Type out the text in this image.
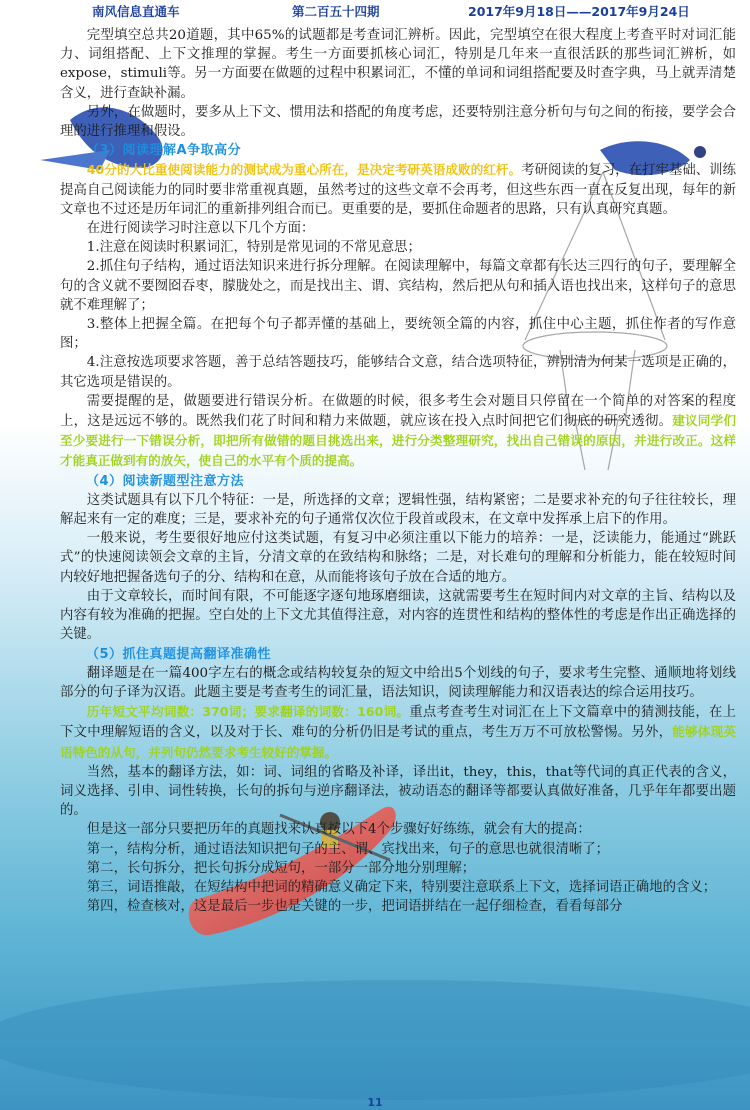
南风信息直通车	第二百五十四期	2017年9月18日——2017年9月24日

完型填空总共20道题，其中65%的试题都是考查词汇辨析。因此，完型填空在很大程度上考查平时对词汇能力、词组搭配、上下文推理的掌握。考生一方面要抓核心词汇，特别是几年来一直很活跃的那些词汇辨析，如expose，stimuli等。另一方面要在做题的过程中积累词汇，不懂的单词和词组搭配要及时查字典，马上就弄清楚含义，进行查缺补漏。

另外，在做题时，要多从上下文、惯用法和搭配的角度考虑，还要特别注意分析句与句之间的衔接，要学会合理的进行推理和假设。

（3）阅读理解A争取高分

40分的大比重使阅读能力的测试成为重心所在，是决定考研英语成败的红杆。考研阅读的复习，在打牢基础、训练提高自己阅读能力的同时要非常重视真题，虽然考过的这些文章不会再考，但这些东西一直在反复出现，每年的新文章也不过还是历年词汇的重新排列组合而已。更重要的是，要抓住命题者的思路，只有认真研究真题。

在进行阅读学习时注意以下几个方面：

1.注意在阅读时积累词汇，特别是常见词的不常见意思；

2.抓住句子结构，通过语法知识来进行拆分理解。在阅读理解中，每篇文章都有长达三四行的句子，要理解全句的含义就不要囫囵吞枣，朦胧处之，而是找出主、谓、宾结构，然后把从句和插入语也找出来，这样句子的意思就不难理解了；

3.整体上把握全篇。在把每个句子都弄懂的基础上，要统领全篇的内容，抓住中心主题，抓住作者的写作意图；

4.注意按选项要求答题，善于总结答题技巧，能够结合文意，结合选项特征，辨别清为何某一选项是正确的，其它选项是错误的。

需要提醒的是，做题要进行错误分析。在做题的时候，很多考生会对题目只停留在一个简单的对答案的程度上，这是远远不够的。既然我们花了时间和精力来做题，就应该在投入点时间把它们彻底的研究透彻。建议同学们至少要进行一下错误分析，即把所有做错的题目挑选出来，进行分类整理研究，找出自己错误的原因，并进行改正。这样才能真正做到有的放矢，使自己的水平有个质的提高。

（4）阅读新题型注意方法

这类试题具有以下几个特征：一是，所选择的文章；逻辑性强，结构紧密；二是要求补充的句子往往较长，理解起来有一定的难度；三是，要求补充的句子通常仅次位于段首或段末，在文章中发挥承上启下的作用。

一般来说，考生要很好地应付这类试题，有复习中必须注重以下能力的培养：一是，泛读能力，能通过“跳跃式”的快速阅读领会文章的主旨，分清文章的在致结构和脉络；二是，对长难句的理解和分析能力，能在较短时间内较好地把握备选句子的分、结构和在意，从而能将该句子放在合适的地方。

由于文章较长，而时间有限，不可能逐字逐句地琢磨细读，这就需要考生在短时间内对文章的主旨、结构以及内容有较为准确的把握。空白处的上下文尤其值得注意，对内容的连贯性和结构的整体性的考虑是作出正确选择的关键。

（5）抓住真题提高翻译准确性

翻译题是在一篇400字左右的概念或结构较复杂的短文中给出5个划线的句子，要求考生完整、通顺地将划线部分的句子译为汉语。此题主要是考查考生的词汇量，语法知识，阅读理解能力和汉语表达的综合运用技巧。

历年短文平均词数：370词；要求翻译的词数：160词。重点考查考生对词汇在上下文篇章中的猜测技能，在上下文中理解短语的含义，以及对于长、难句的分析仍旧是考试的重点，考生万万不可放松警惕。另外，能够体现英语特色的从句，并列句仍然要求考生较好的掌握。

当然，基本的翻译方法，如：词、词组的省略及补译，译出it，they，this，that等代词的真正代表的含义，词义选择、引申、词性转换，长句的拆句与逆序翻译法，被动语态的翻译等都要认真做好准备，几乎年年都要出题的。

但是这一部分只要把历年的真题找来认真按以下4个步骤好好练练，就会有大的提高：

第一，结构分析，通过语法知识把句子的主、谓、宾找出来，句子的意思也就很清晰了；

第二，长句拆分，把长句拆分成短句，一部分一部分地分别理解；

第三，词语推敲，在短结构中把词的精确意义确定下来，特别要注意联系上下文，选择词语正确地的含义；

第四，检查核对，这是最后一步也是关键的一步，把词语拼结在一起仔细检查，看看每部分

11
